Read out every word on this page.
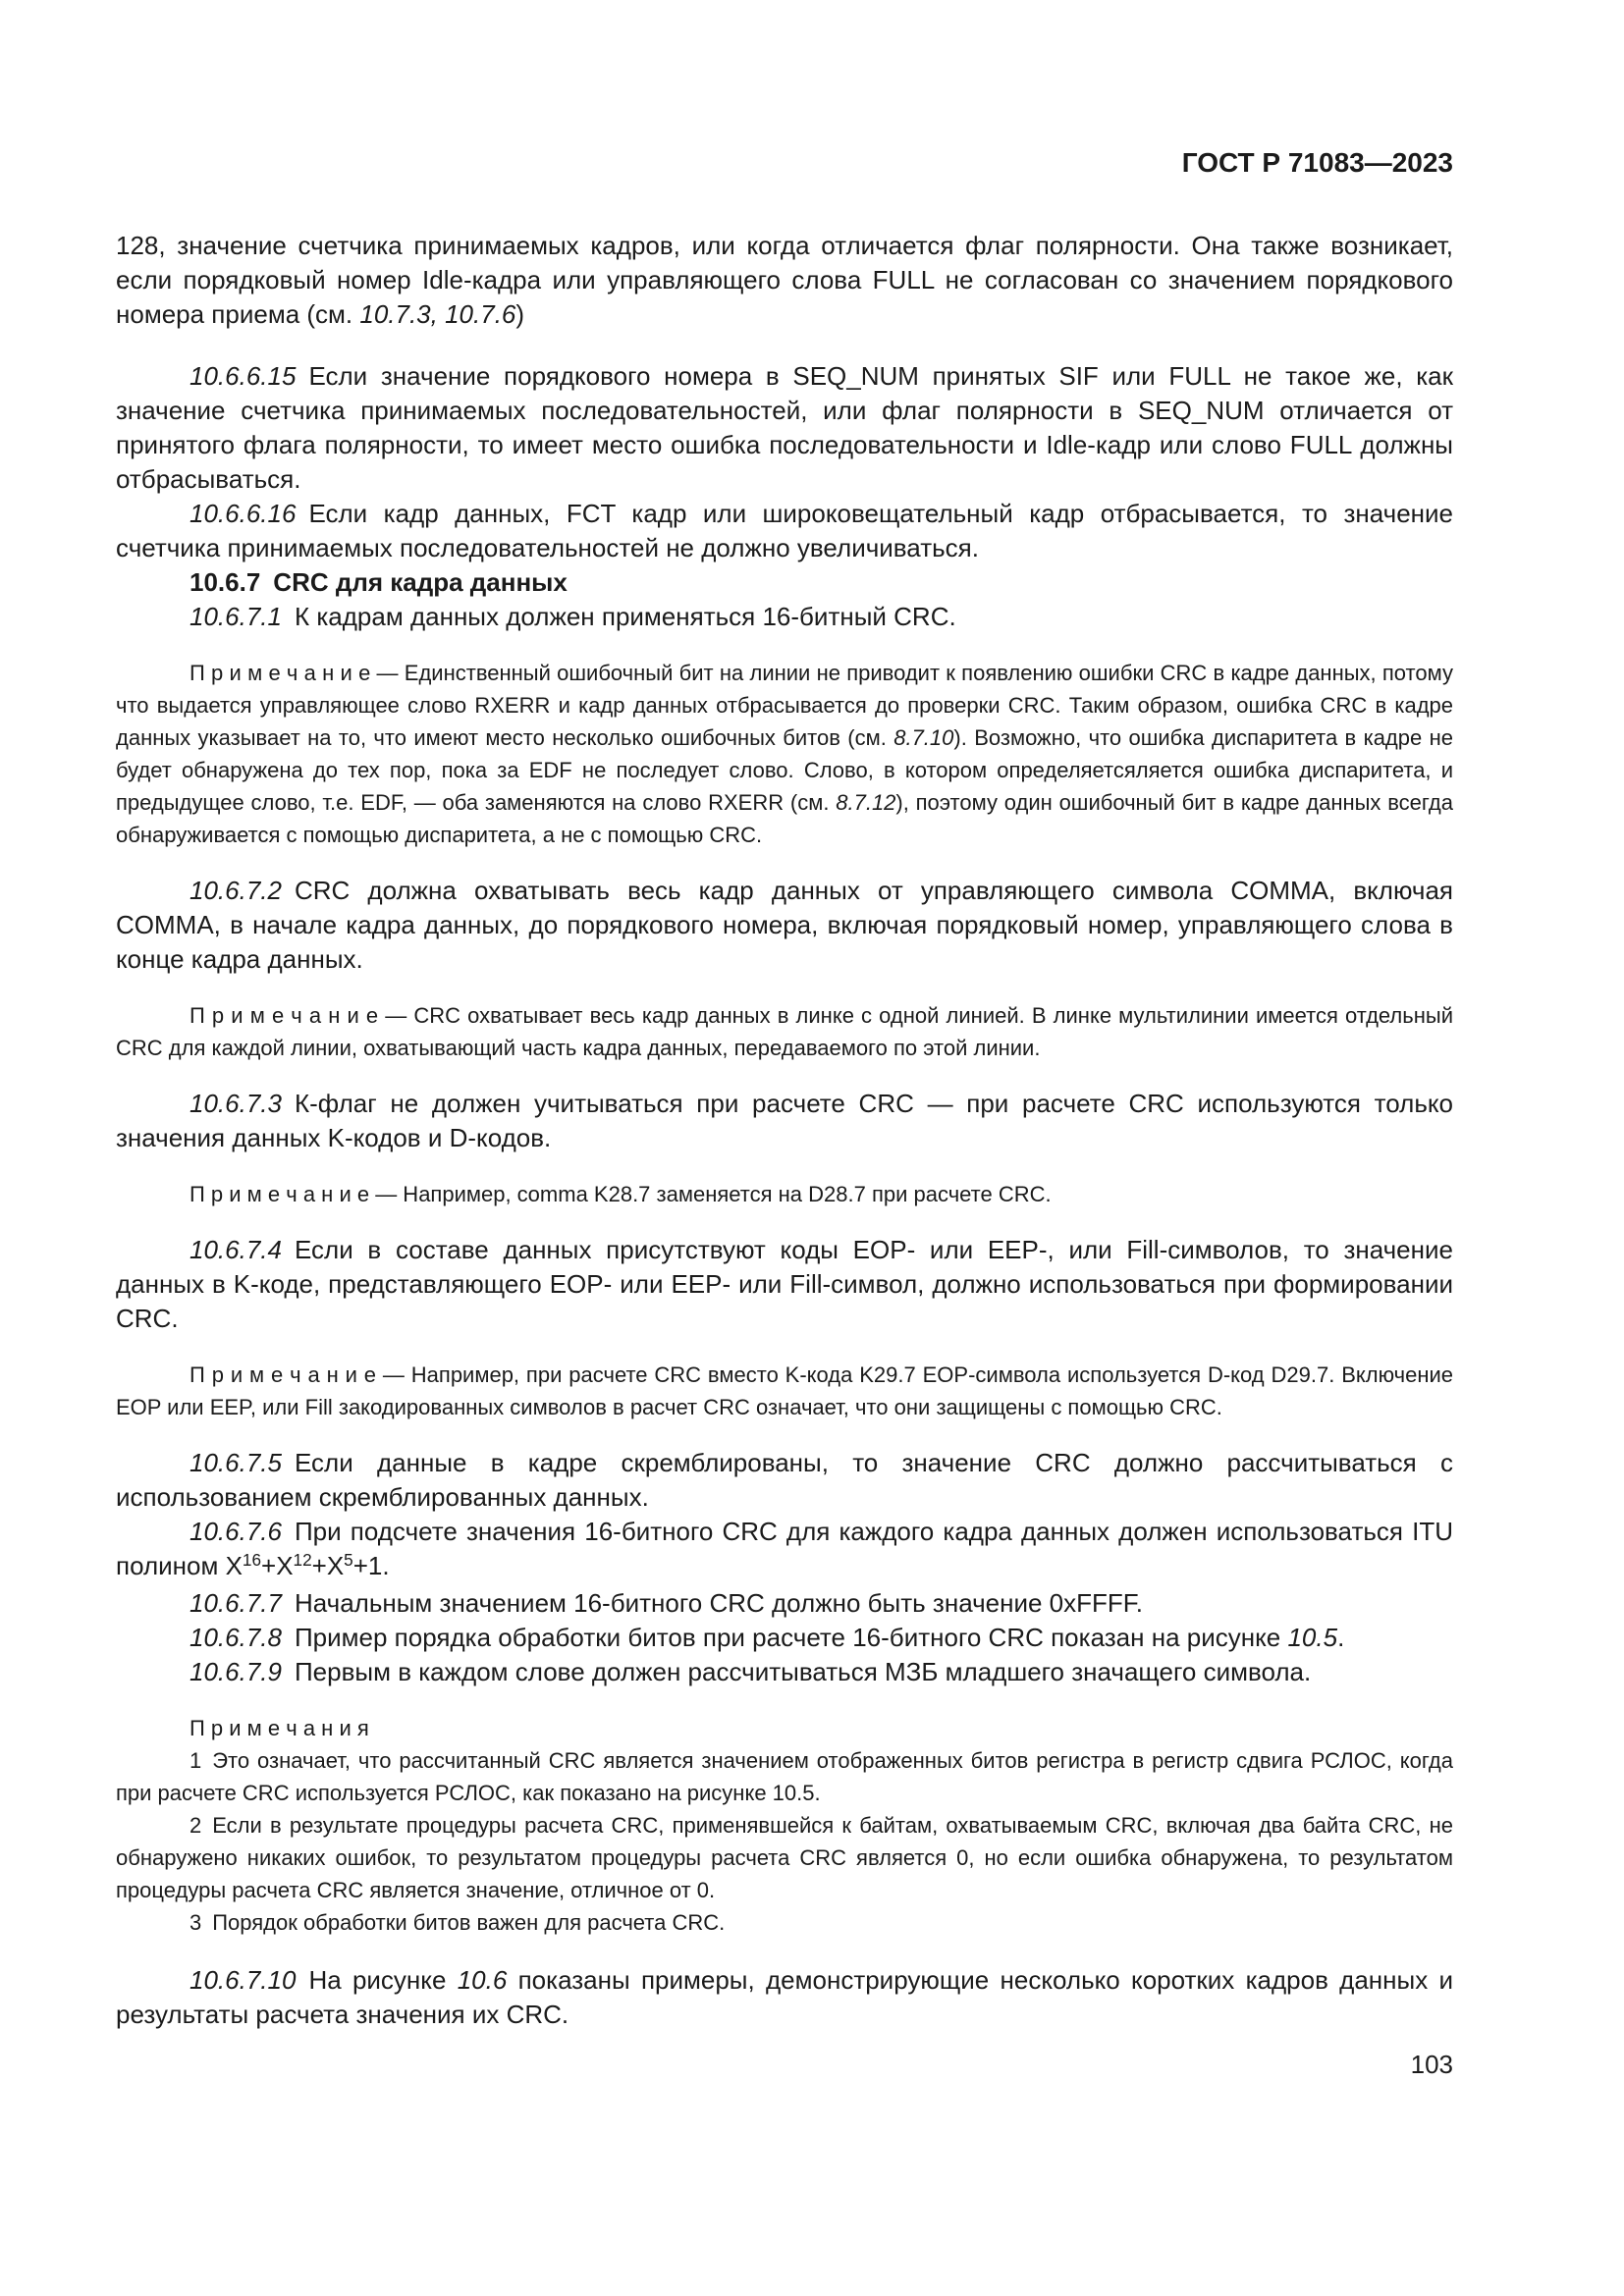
ГОСТ Р 71083—2023

128, значение счетчика принимаемых кадров, или когда отличается флаг полярности. Она также возникает, если порядковый номер Idle-кадра или управляющего слова FULL не согласован со значением порядкового номера приема (см. 10.7.3, 10.7.6)

10.6.6.15 Если значение порядкового номера в SEQ_NUM принятых SIF или FULL не такое же, как значение счетчика принимаемых последовательностей, или флаг полярности в SEQ_NUM отличается от принятого флага полярности, то имеет место ошибка последовательности и Idle-кадр или слово FULL должны отбрасываться.

10.6.6.16 Если кадр данных, FCT кадр или широковещательный кадр отбрасывается, то значение счетчика принимаемых последовательностей не должно увеличиваться.

10.6.7 CRC для кадра данных

10.6.7.1 К кадрам данных должен применяться 16-битный CRC.

П р и м е ч а н и е — Единственный ошибочный бит на линии не приводит к появлению ошибки CRC в кадре данных, потому что выдается управляющее слово RXERR и кадр данных отбрасывается до проверки CRC. Таким образом, ошибка CRC в кадре данных указывает на то, что имеют место несколько ошибочных битов (см. 8.7.10). Возможно, что ошибка диспаритета в кадре не будет обнаружена до тех пор, пока за EDF не последует слово. Слово, в котором определяетсяляется ошибка диспаритета, и предыдущее слово, т.е. EDF, — оба заменяются на слово RXERR (см. 8.7.12), поэтому один ошибочный бит в кадре данных всегда обнаруживается с помощью диспаритета, а не с помощью CRC.

10.6.7.2 CRC должна охватывать весь кадр данных от управляющего символа COMMA, включая COMMA, в начале кадра данных, до порядкового номера, включая порядковый номер, управляющего слова в конце кадра данных.

П р и м е ч а н и е — CRC охватывает весь кадр данных в линке с одной линией. В линке мультилинии имеется отдельный CRC для каждой линии, охватывающий часть кадра данных, передаваемого по этой линии.

10.6.7.3 К-флаг не должен учитываться при расчете CRC — при расчете CRC используются только значения данных K-кодов и D-кодов.

П р и м е ч а н и е — Например, comma K28.7 заменяется на D28.7 при расчете CRC.

10.6.7.4 Если в составе данных присутствуют коды EOP- или EEP-, или Fill-символов, то значение данных в K-коде, представляющего EOP- или EEP- или Fill-символ, должно использоваться при формировании CRC.

П р и м е ч а н и е — Например, при расчете CRC вместо K-кода K29.7 EOP-символа используется D-код D29.7. Включение EOP или EEP, или Fill закодированных символов в расчет CRC означает, что они защищены с помощью CRC.

10.6.7.5 Если данные в кадре скремблированы, то значение CRC должно рассчитываться с использованием скремблированных данных.

10.6.7.6 При подсчете значения 16-битного CRC для каждого кадра данных должен использоваться ITU полином $X^{16}+X^{12}+X^5+1$.

10.6.7.7 Начальным значением 16-битного CRC должно быть значение 0xFFFF.

10.6.7.8 Пример порядка обработки битов при расчете 16-битного CRC показан на рисунке 10.5.

10.6.7.9 Первым в каждом слове должен рассчитываться МЗБ младшего значащего символа.

П р и м е ч а н и я

1 Это означает, что рассчитанный CRC является значением отображенных битов регистра в регистр сдвига РСЛОС, когда при расчете CRC используется РСЛОС, как показано на рисунке 10.5.

2 Если в результате процедуры расчета CRC, применявшейся к байтам, охватываемым CRC, включая два байта CRC, не обнаружено никаких ошибок, то результатом процедуры расчета CRC является 0, но если ошибка обнаружена, то результатом процедуры расчета CRC является значение, отличное от 0.

3 Порядок обработки битов важен для расчета CRC.

10.6.7.10 На рисунке 10.6 показаны примеры, демонстрирующие несколько коротких кадров данных и результаты расчета значения их CRC.

103
